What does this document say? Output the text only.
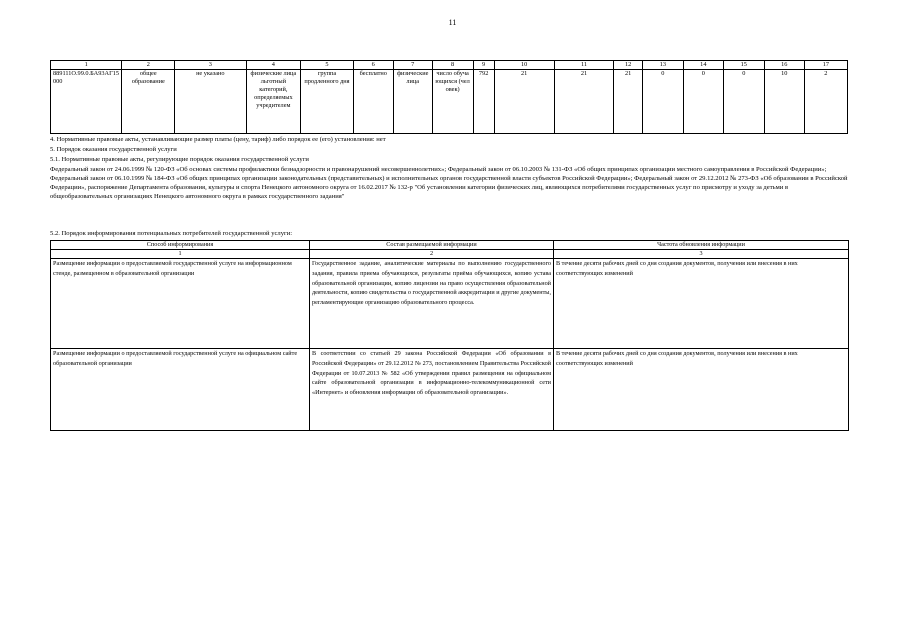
11
1	2	3	4	5	6	7	8	9	10	11	12	13	14	15	16	17
889111О.99.0.БА93АГ15000	общее образование	не указано	физические лица льготный категорий, определяемых учредителем	группа продленного дня	бесплатно	физические лица	число обучающихся (человек)	792	21	21	21	0	0	0	10	2

4. Нормативные правовые акты, устанавливающие размер платы (цену, тариф) либо порядок ее (его) установления: нет

5. Порядок оказания государственной услуги

5.1. Нормативные правовые акты, регулирующие порядок оказания государственной услуги

Федеральный закон от 24.06.1999 № 120-ФЗ «Об основах системы профилактики безнадзорности и правонарушений несовершеннолетних»; Федеральный закон от 06.10.2003 № 131-ФЗ «Об общих принципах организации местного самоуправления в Российской Федерации»; Федеральный закон от 06.10.1999 № 184-ФЗ «Об общих принципах организации законодательных (представительных) и исполнительных органов государственной власти субъектов Российской Федерации»; Федеральный закон от 29.12.2012 № 273-ФЗ «Об образовании в Российской Федерации», распоряжение Департамента образования, культуры и спорта Ненецкого автономного округа от 16.02.2017 № 132-р "Об установлении категории физических лиц, являющихся потребителями государственных услуг по присмотру и уходу за детьми в общеобразовательных организациях Ненецкого автономного округа в рамках государственного задания"

5.2. Порядок информирования потенциальных потребителей государственной услуги:

Способ информирования	Состав размещаемой информации	Частота обновления информации
1	2	3
Размещение информации о предоставляемой государственной услуге на информационном стенде, размещенном в образовательной организации	Государственное задание, аналитические материалы по выполнению государственного задания, правила приема обучающихся, результаты приёма обучающихся, копию устава образовательной организации, копию лицензии на право осуществления образовательной деятельности, копию свидетельства о государственной аккредитации и другие документы, регламентирующие организацию образовательного процесса.	В течение десяти рабочих дней со дня создания документов, получения или внесения в них соответствующих изменений
Размещение информации о предоставляемой государственной услуге на официальном сайте образовательной организации	В соответствии со статьей 29 закона Российской Федерации «Об образовании в Российской Федерации» от 29.12.2012 № 273, постановлением Правительства Российской Федерации от 10.07.2013 № 582 «Об утверждении правил размещения на официальном сайте образовательной организации в информационно-телекоммуникационной сети «Интернет» и обновления информации об образовательной организации».	В течение десяти рабочих дней со дня создания документов, получения или внесения в них соответствующих изменений
